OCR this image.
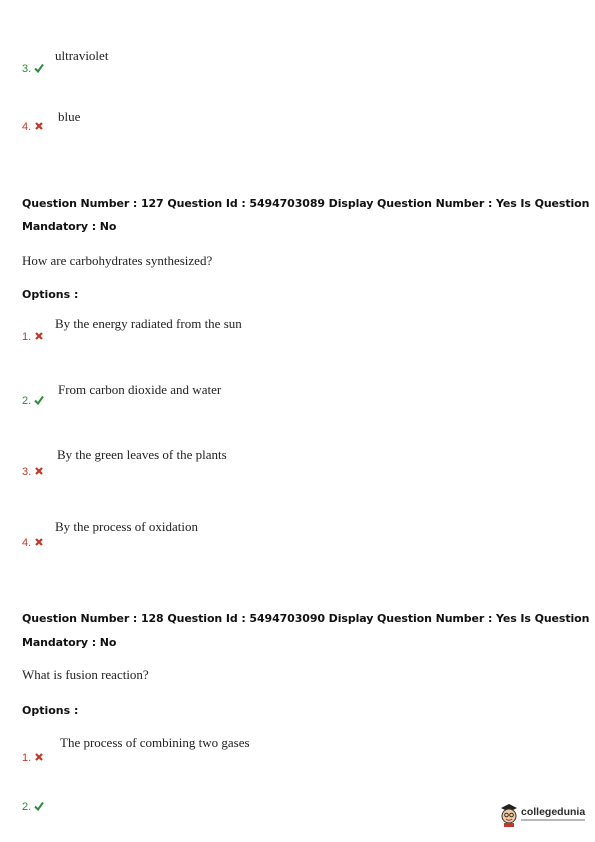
ultraviolet
3.
blue
4.
Question Number : 127 Question Id : 5494703089 Display Question Number : Yes Is Question
Mandatory : No
How are carbohydrates synthesized?
Options :
By the energy radiated from the sun
1.
From carbon dioxide and water
2.
By the green leaves of the plants
3.
By the process of oxidation
4.
Question Number : 128 Question Id : 5494703090 Display Question Number : Yes Is Question
Mandatory : No
What is fusion reaction?
Options :
The process of combining two gases
1.
2.	collegedunia
